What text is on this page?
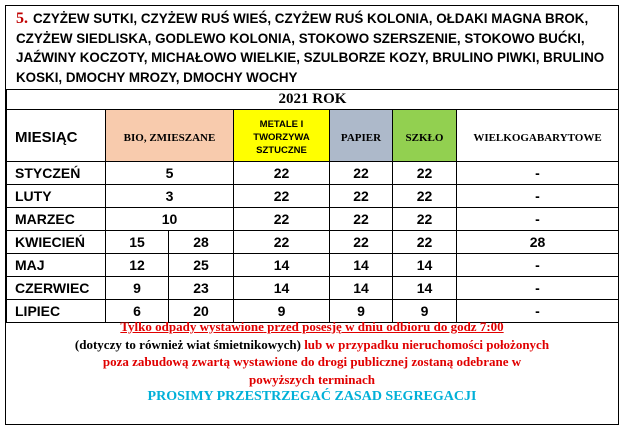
5. CZYŻEW SUTKI, CZYŻEW RUŚ WIEŚ, CZYŻEW RUŚ KOLONIA, OŁDAKI MAGNA BROK,
CZYŻEW SIEDLISKA, GODLEWO KOLONIA, STOKOWO SZERSZENIE, STOKOWO BUĆKI,
JAŹWINY KOCZOTY, MICHAŁOWO WIELKIE, SZULBORZE KOZY, BRULINO PIWKI, BRULINO
KOSKI, DMOCHY MROZY, DMOCHY WOCHY
2021 ROK						
MIESIĄC	BIO, ZMIESZANE		METALE I TWORZYWA SZTUCZNE	PAPIER	SZKŁO	WIELKOGABARYTOWE
STYCZEŃ	5		22	22	22	-
LUTY	3		22	22	22	-
MARZEC	10		22	22	22	-
KWIECIEŃ	15	28	22	22	22	28
MAJ	12	25	14	14	14	-
CZERWIEC	9	23	14	14	14	-
LIPIEC	6	20	9	9	9	-
Tylko odpady wystawione przed posesję w dniu odbioru do godz 7:00
(dotyczy to również wiat śmietnikowych) lub w przypadku nieruchomości położonych
poza zabudową zwartą wystawione do drogi publicznej zostaną odebrane w
powyższych terminach
PROSIMY PRZESTRZEGAĆ ZASAD SEGREGACJI
